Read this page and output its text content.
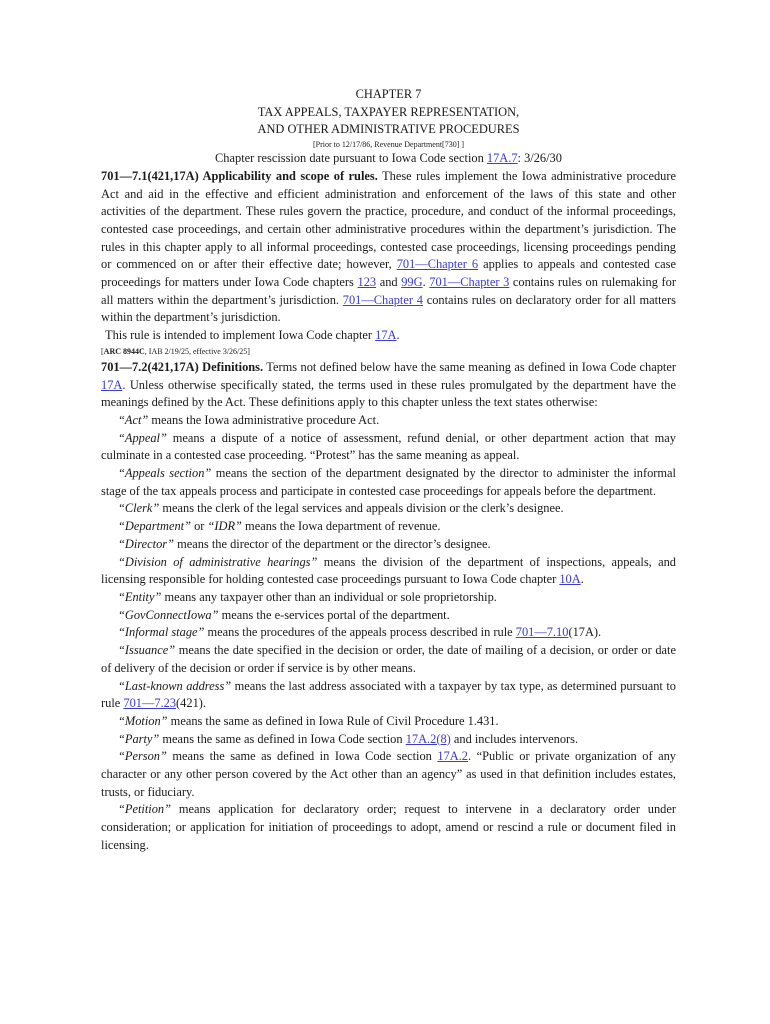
CHAPTER 7

TAX APPEALS, TAXPAYER REPRESENTATION,

AND OTHER ADMINISTRATIVE PROCEDURES

[Prior to 12/17/86, Revenue Department[730] ]

Chapter rescission date pursuant to Iowa Code section 17A.7: 3/26/30

701—7.1(421,17A) Applicability and scope of rules. These rules implement the Iowa administrative procedure Act and aid in the effective and efficient administration and enforcement of the laws of this state and other activities of the department. These rules govern the practice, procedure, and conduct of the informal proceedings, contested case proceedings, and certain other administrative procedures within the department’s jurisdiction. The rules in this chapter apply to all informal proceedings, contested case proceedings, licensing proceedings pending or commenced on or after their effective date; however, 701—Chapter 6 applies to appeals and contested case proceedings for matters under Iowa Code chapters 123 and 99G. 701—Chapter 3 contains rules on rulemaking for all matters within the department’s jurisdiction. 701—Chapter 4 contains rules on declaratory order for all matters within the department’s jurisdiction.

This rule is intended to implement Iowa Code chapter 17A.

[ARC 8944C, IAB 2/19/25, effective 3/26/25]

701—7.2(421,17A) Definitions. Terms not defined below have the same meaning as defined in Iowa Code chapter 17A. Unless otherwise specifically stated, the terms used in these rules promulgated by the department have the meanings defined by the Act. These definitions apply to this chapter unless the text states otherwise:

“Act” means the Iowa administrative procedure Act.

“Appeal” means a dispute of a notice of assessment, refund denial, or other department action that may culminate in a contested case proceeding. “Protest” has the same meaning as appeal.

“Appeals section” means the section of the department designated by the director to administer the informal stage of the tax appeals process and participate in contested case proceedings for appeals before the department.

“Clerk” means the clerk of the legal services and appeals division or the clerk’s designee.

“Department” or “IDR” means the Iowa department of revenue.

“Director” means the director of the department or the director’s designee.

“Division of administrative hearings” means the division of the department of inspections, appeals, and licensing responsible for holding contested case proceedings pursuant to Iowa Code chapter 10A.

“Entity” means any taxpayer other than an individual or sole proprietorship.

“GovConnectIowa” means the e-services portal of the department.

“Informal stage” means the procedures of the appeals process described in rule 701—7.10(17A).

“Issuance” means the date specified in the decision or order, the date of mailing of a decision, or order or date of delivery of the decision or order if service is by other means.

“Last-known address” means the last address associated with a taxpayer by tax type, as determined pursuant to rule 701—7.23(421).

“Motion” means the same as defined in Iowa Rule of Civil Procedure 1.431.

“Party” means the same as defined in Iowa Code section 17A.2(8) and includes intervenors.

“Person” means the same as defined in Iowa Code section 17A.2. “Public or private organization of any character or any other person covered by the Act other than an agency” as used in that definition includes estates, trusts, or fiduciary.

“Petition” means application for declaratory order; request to intervene in a declaratory order under consideration; or application for initiation of proceedings to adopt, amend or rescind a rule or document filed in licensing.
